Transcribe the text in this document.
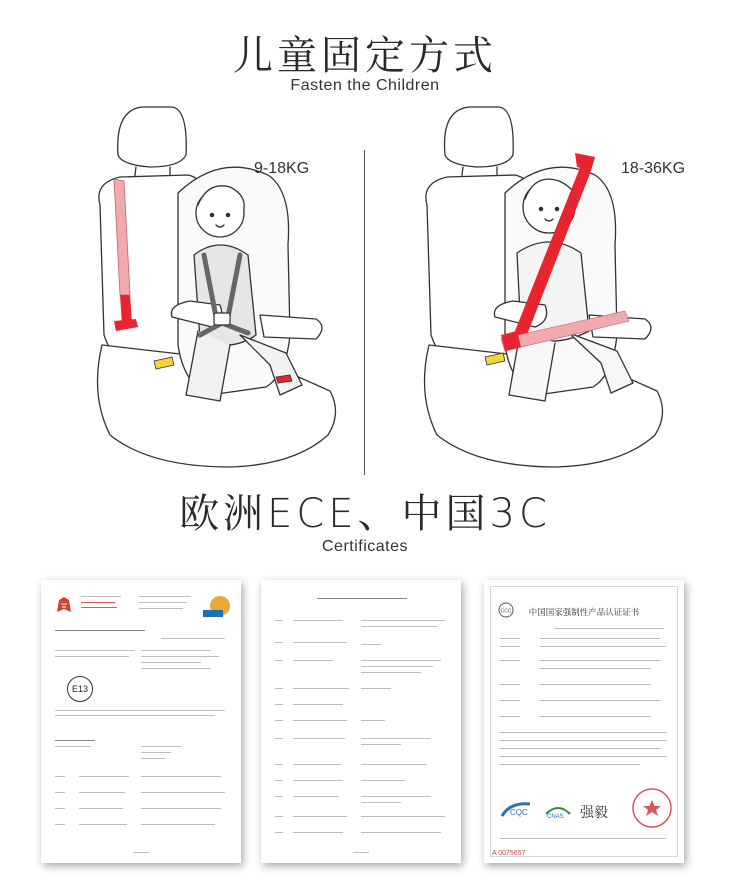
儿童固定方式
Fasten the Children
9-18KG	18-36KG
欧洲ECE、中国3C
Certificates
E13
CCC	中国国家强制性产品认证证书
CQC	CNAS 强毅
A 0075657
